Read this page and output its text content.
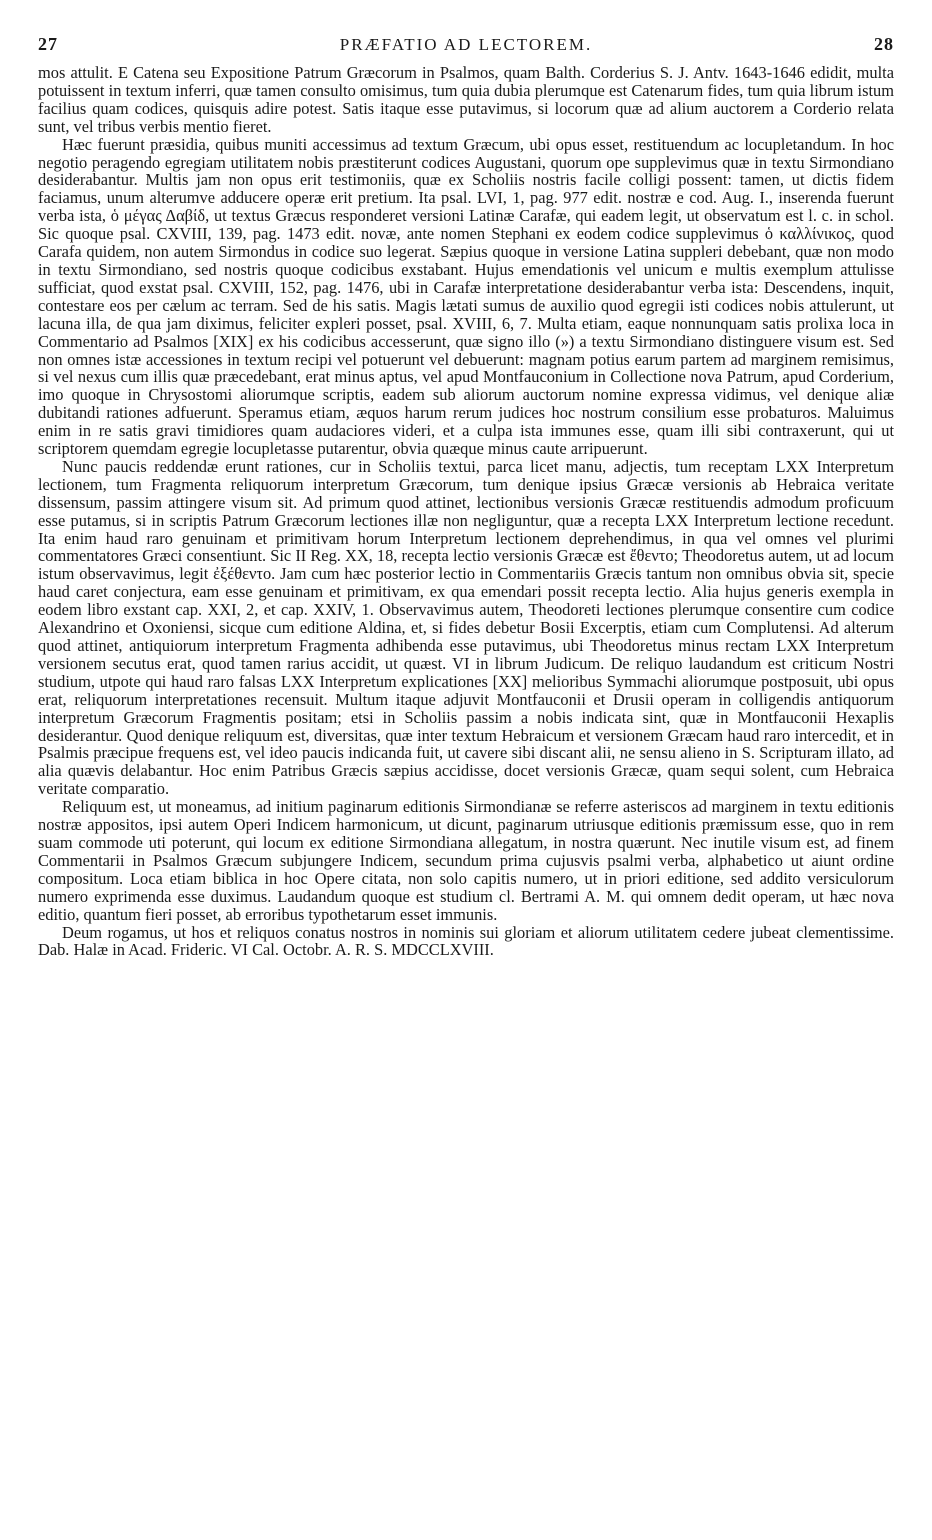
27	PRÆFATIO AD LECTOREM.	28

mos attulit. E Catena seu Expositione Patrum Græcorum in Psalmos, quam Balth. Corderius S. J. Antv. 1643-1646 edidit, multa potuissent in textum inferri, quæ tamen consulto omisimus, tum quia dubia plerumque est Catenarum fides, tum quia librum istum facilius quam codices, quisquis adire potest. Satis itaque esse putavimus, si locorum quæ ad alium auctorem a Corderio relata sunt, vel tribus verbis mentio fieret.

Hæc fuerunt præsidia, quibus muniti accessimus ad textum Græcum, ubi opus esset, restituendum ac locupletandum. In hoc negotio peragendo egregiam utilitatem nobis præstiterunt codices Augustani, quorum ope supplevimus quæ in textu Sirmondiano desiderabantur. Multis jam non opus erit testimoniis, quæ ex Scholiis nostris facile colligi possent: tamen, ut dictis fidem faciamus, unum alterumve adducere operæ erit pretium. Ita psal. LVI, 1, pag. 977 edit. nostræ e cod. Aug. I., inserenda fuerunt verba ista, ὁ μέγας Δαβίδ, ut textus Græcus responderet versioni Latinæ Carafæ, qui eadem legit, ut observatum est l. c. in schol. Sic quoque psal. CXVIII, 139, pag. 1473 edit. novæ, ante nomen Stephani ex eodem codice supplevimus ὁ καλλίνικος, quod Carafa quidem, non autem Sirmondus in codice suo legerat. Sæpius quoque in versione Latina suppleri debebant, quæ non modo in textu Sirmondiano, sed nostris quoque codicibus exstabant. Hujus emendationis vel unicum e multis exemplum attulisse sufficiat, quod exstat psal. CXVIII, 152, pag. 1476, ubi in Carafæ interpretatione desiderabantur verba ista: Descendens, inquit, contestare eos per cælum ac terram. Sed de his satis. Magis lætati sumus de auxilio quod egregii isti codices nobis attulerunt, ut lacuna illa, de qua jam diximus, feliciter expleri posset, psal. XVIII, 6, 7. Multa etiam, eaque nonnunquam satis prolixa loca in Commentario ad Psalmos [XIX] ex his codicibus accesserunt, quæ signo illo (») a textu Sirmondiano distinguere visum est. Sed non omnes istæ accessiones in textum recipi vel potuerunt vel debuerunt: magnam potius earum partem ad marginem remisimus, si vel nexus cum illis quæ præcedebant, erat minus aptus, vel apud Montfauconium in Collectione nova Patrum, apud Corderium, imo quoque in Chrysostomi aliorumque scriptis, eadem sub aliorum auctorum nomine expressa vidimus, vel denique aliæ dubitandi rationes adfuerunt. Speramus etiam, æquos harum rerum judices hoc nostrum consilium esse probaturos. Maluimus enim in re satis gravi timidiores quam audaciores videri, et a culpa ista immunes esse, quam illi sibi contraxerunt, qui ut scriptorem quemdam egregie locupletasse putarentur, obvia quæque minus caute arripuerunt.

Nunc paucis reddendæ erunt rationes, cur in Scholiis textui, parca licet manu, adjectis, tum receptam LXX Interpretum lectionem, tum Fragmenta reliquorum interpretum Græcorum, tum denique ipsius Græcæ versionis ab Hebraica veritate dissensum, passim attingere visum sit. Ad primum quod attinet, lectionibus versionis Græcæ restituendis admodum proficuum esse putamus, si in scriptis Patrum Græcorum lectiones illæ non negliguntur, quæ a recepta LXX Interpretum lectione recedunt. Ita enim haud raro genuinam et primitivam horum Interpretum lectionem deprehendimus, in qua vel omnes vel plurimi commentatores Græci consentiunt. Sic II Reg. XX, 18, recepta lectio versionis Græcæ est ἔθεντο; Theodoretus autem, ut ad locum istum observavimus, legit ἐξέθεντο. Jam cum hæc posterior lectio in Commentariis Græcis tantum non omnibus obvia sit, specie haud caret conjectura, eam esse genuinam et primitivam, ex qua emendari possit recepta lectio. Alia hujus generis exempla in eodem libro exstant cap. XXI, 2, et cap. XXIV, 1. Observavimus autem, Theodoreti lectiones plerumque consentire cum codice Alexandrino et Oxoniensi, sicque cum editione Aldina, et, si fides debetur Bosii Excerptis, etiam cum Complutensi. Ad alterum quod attinet, antiquiorum interpretum Fragmenta adhibenda esse putavimus, ubi Theodoretus minus rectam LXX Interpretum versionem secutus erat, quod tamen rarius accidit, ut quæst. VI in librum Judicum. De reliquo laudandum est criticum Nostri studium, utpote qui haud raro falsas LXX Interpretum explicationes [XX] melioribus Symmachi aliorumque postposuit, ubi opus erat, reliquorum interpretationes recensuit. Multum itaque adjuvit Montfauconii et Drusii operam in colligendis antiquorum interpretum Græcorum Fragmentis positam; etsi in Scholiis passim a nobis indicata sint, quæ in Montfauconii Hexaplis desiderantur. Quod denique reliquum est, diversitas, quæ inter textum Hebraicum et versionem Græcam haud raro intercedit, et in Psalmis præcipue frequens est, vel ideo paucis indicanda fuit, ut cavere sibi discant alii, ne sensu alieno in S. Scripturam illato, ad alia quævis delabantur. Hoc enim Patribus Græcis sæpius accidisse, docet versionis Græcæ, quam sequi solent, cum Hebraica veritate comparatio.

Reliquum est, ut moneamus, ad initium paginarum editionis Sirmondianæ se referre asteriscos ad marginem in textu editionis nostræ appositos, ipsi autem Operi Indicem harmonicum, ut dicunt, paginarum utriusque editionis præmissum esse, quo in rem suam commode uti poterunt, qui locum ex editione Sirmondiana allegatum, in nostra quærunt. Nec inutile visum est, ad finem Commentarii in Psalmos Græcum subjungere Indicem, secundum prima cujusvis psalmi verba, alphabetico ut aiunt ordine compositum. Loca etiam biblica in hoc Opere citata, non solo capitis numero, ut in priori editione, sed addito versiculorum numero exprimenda esse duximus. Laudandum quoque est studium cl. Bertrami A. M. qui omnem dedit operam, ut hæc nova editio, quantum fieri posset, ab erroribus typothetarum esset immunis.

Deum rogamus, ut hos et reliquos conatus nostros in nominis sui gloriam et aliorum utilitatem cedere jubeat clementissime. Dab. Halæ in Acad. Frideric. VI Cal. Octobr. A. R. S. MDCCLXVIII.
